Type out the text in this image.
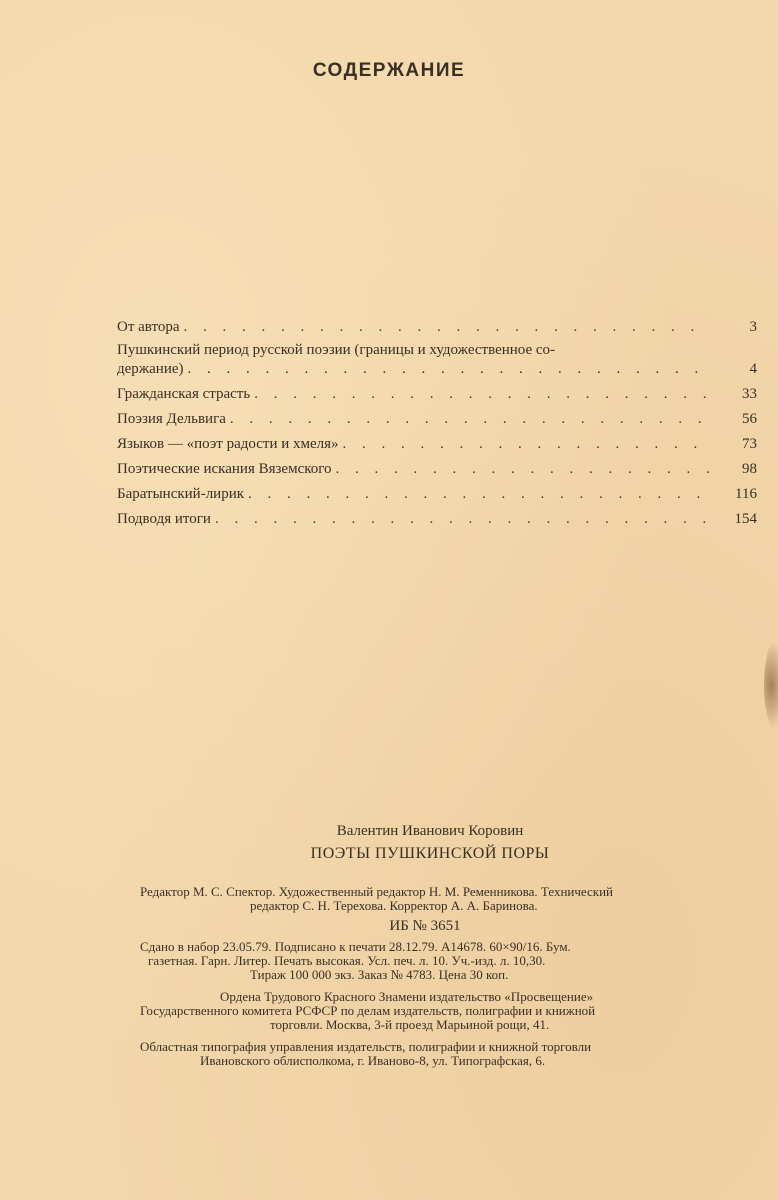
СОДЕРЖАНИЕ
От автора . . .	3
Пушкинский период русской поэзии (границы и художественное со-
держание) . . .	4
Гражданская страсть . . .	33
Поэзия Дельвига . . .	56
Языков — «поэт радости и хмеля» . . .	73
Поэтические искания Вяземского . . .	98
Баратынский-лирик . . .	116
Подводя итоги . . .	154
Валентин Иванович Коровин
ПОЭТЫ ПУШКИНСКОЙ ПОРЫ
Редактор М. С. Спектор. Художественный редактор Н. М. Ременникова. Технический
редактор С. Н. Терехова. Корректор А. А. Баринова.
ИБ № 3651
Сдано в набор 23.05.79. Подписано к печати 28.12.79. А14678. 60×90/16. Бум.
газетная. Гарн. Литер. Печать высокая. Усл. печ. л. 10. Уч.-изд. л. 10,30.
Тираж 100 000 экз. Заказ № 4783. Цена 30 коп.
Ордена Трудового Красного Знамени издательство «Просвещение»
Государственного комитета РСФСР по делам издательств, полиграфии и книжной
торговли. Москва, 3-й проезд Марьиной рощи, 41.
Областная типография управления издательств, полиграфии и книжной торговли
Ивановского облисполкома, г. Иваново-8, ул. Типографская, 6.
